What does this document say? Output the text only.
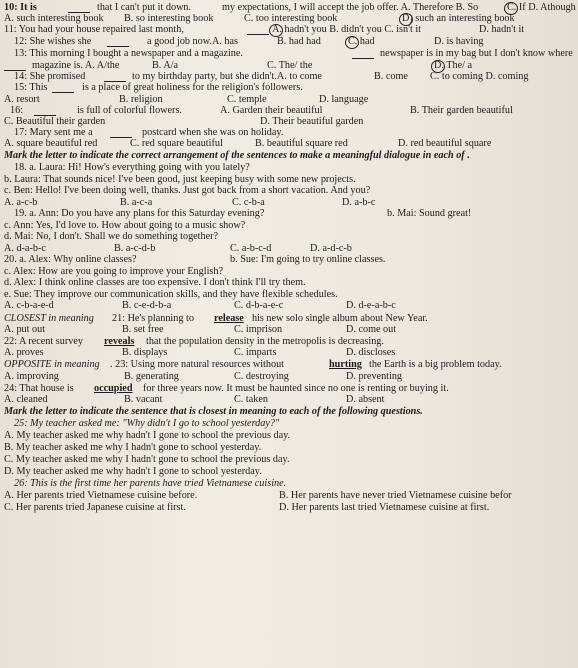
10: It is	that I can't put it down.	my expectations, I will accept the job offer. A. Therefore B. So	C. If D. Athough
A. such interesting book B. so interesting book	C. too interesting book	D) such an interesting book
11: You had your house repaired last month,	A. hadn't you B. didn't you C. isn't it	D. hadn't it
12: She wishes she	a good job now.A. has	B. had had	C. had	D. is having
13: This morning I bought a newspaper and a magazine.	newspaper is in my bag but I don't know where
magazine is. A. A/the	B. A/a	C. The/ the	D. The/ a
14: She promised	to my birthday party, but she didn't.A. to come	B. come C. to coming D. coming
15: This	is a place of great holiness for the religion's followers.
A. resort	B. religion	C. temple	D. language
16:	is full of colorful flowers.	A. Garden their beautiful	B. Their garden beautiful
C. Beautiful their garden	D. Their beautiful garden
17: Mary sent me a	postcard when she was on holiday.
A. square beautiful red	C. red square beautiful	B. beautiful square red	D. red beautiful square
Mark the letter to indicate the correct arrangement of the sentences to make a meaningful dialogue in each of .
18. a. Laura: Hi! How's everything going with you lately?
b. Laura: That sounds nice! I've been good, just keeping busy with some new projects.
c. Ben: Hello! I've been doing well, thanks. Just got back from a short vacation. And you?
A. a-c-b	B. a-c-a	C. c-b-a	D. a-b-c
19. a. Ann: Do you have any plans for this Saturday evening?	b. Mai: Sound great!
c. Ann: Yes, I'd love to. How about going to a music show?
d. Mai: No, I don't. Shall we do something together?
A. d-a-b-c	B. a-c-d-b	C. a-b-c-d	D. a-d-c-b
20. a. Alex: Why online classes?	b. Sue: I'm going to try online classes.
c. Alex: How are you going to improve your English?
d. Alex: I think online classes are too expensive. I don't think I'll try them.
e. Sue: They improve our communication skills, and they have flexible schedules.
A. c-b-a-e-d	B. c-e-d-b-a	C. d-b-a-e-c	D. d-e-a-b-c
CLOSEST in meaning 21: He's planning to release his new solo single album about New Year.
A. put out	B. set free	C. imprison	D. come out
22: A recent survey reveals that the population density in the metropolis is decreasing.
A. proves	B. displays	C. imparts	D. discloses
OPPOSITE in meaning . 23: Using more natural resources without	hurting the Earth is a big problem today.
A. improving	B. generating	C. destroying	D. preventing
24: That house is occupied for three years now. It must be haunted since no one is renting or buying it.
A. cleaned	B. vacant	C. taken	D. absent
Mark the letter to indicate the sentence that is closest in meaning to each of the following questions.
25: My teacher asked me: "Why didn't I go to school yesterday?"
A. My teacher asked me why hadn't I gone to school the previous day.
B. My teacher asked me why I hadn't gone to school yesterday.
C. My teacher asked me why I hadn't gone to school the previous day.
D. My teacher asked me why hadn't I gone to school yesterday.
26: This is the first time her parents have tried Vietnamese cuisine.
A. Her parents tried Vietnamese cuisine before.	B. Her parents have never tried Vietnamese cuisine befor
C. Her parents tried Japanese cuisine at first.	D. Her parents last tried Vietnamese cuisine at first.
